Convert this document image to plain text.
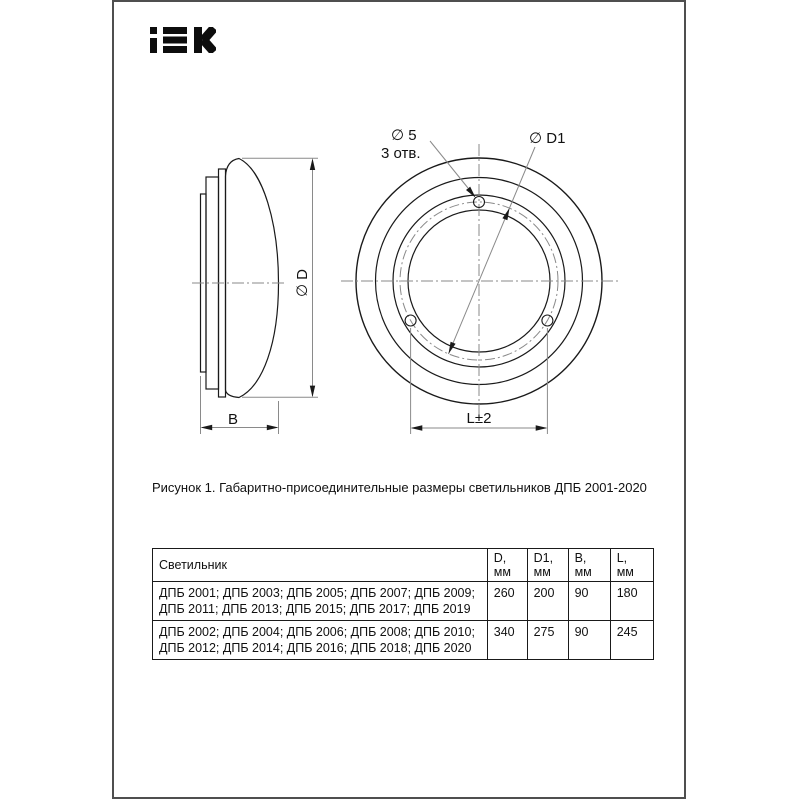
∅ D
B
∅ 5
3 отв.
∅ D1
L±2

Рисунок 1. Габаритно-присоединительные размеры светильников ДПБ 2001-2020

Светильник	D, мм	D1, мм	B, мм	L, мм
ДПБ 2001; ДПБ 2003; ДПБ 2005; ДПБ 2007; ДПБ 2009; ДПБ 2011; ДПБ 2013; ДПБ 2015; ДПБ 2017; ДПБ 2019	260	200	90	180
ДПБ 2002; ДПБ 2004; ДПБ 2006; ДПБ 2008; ДПБ 2010; ДПБ 2012; ДПБ 2014; ДПБ 2016; ДПБ 2018; ДПБ 2020	340	275	90	245
